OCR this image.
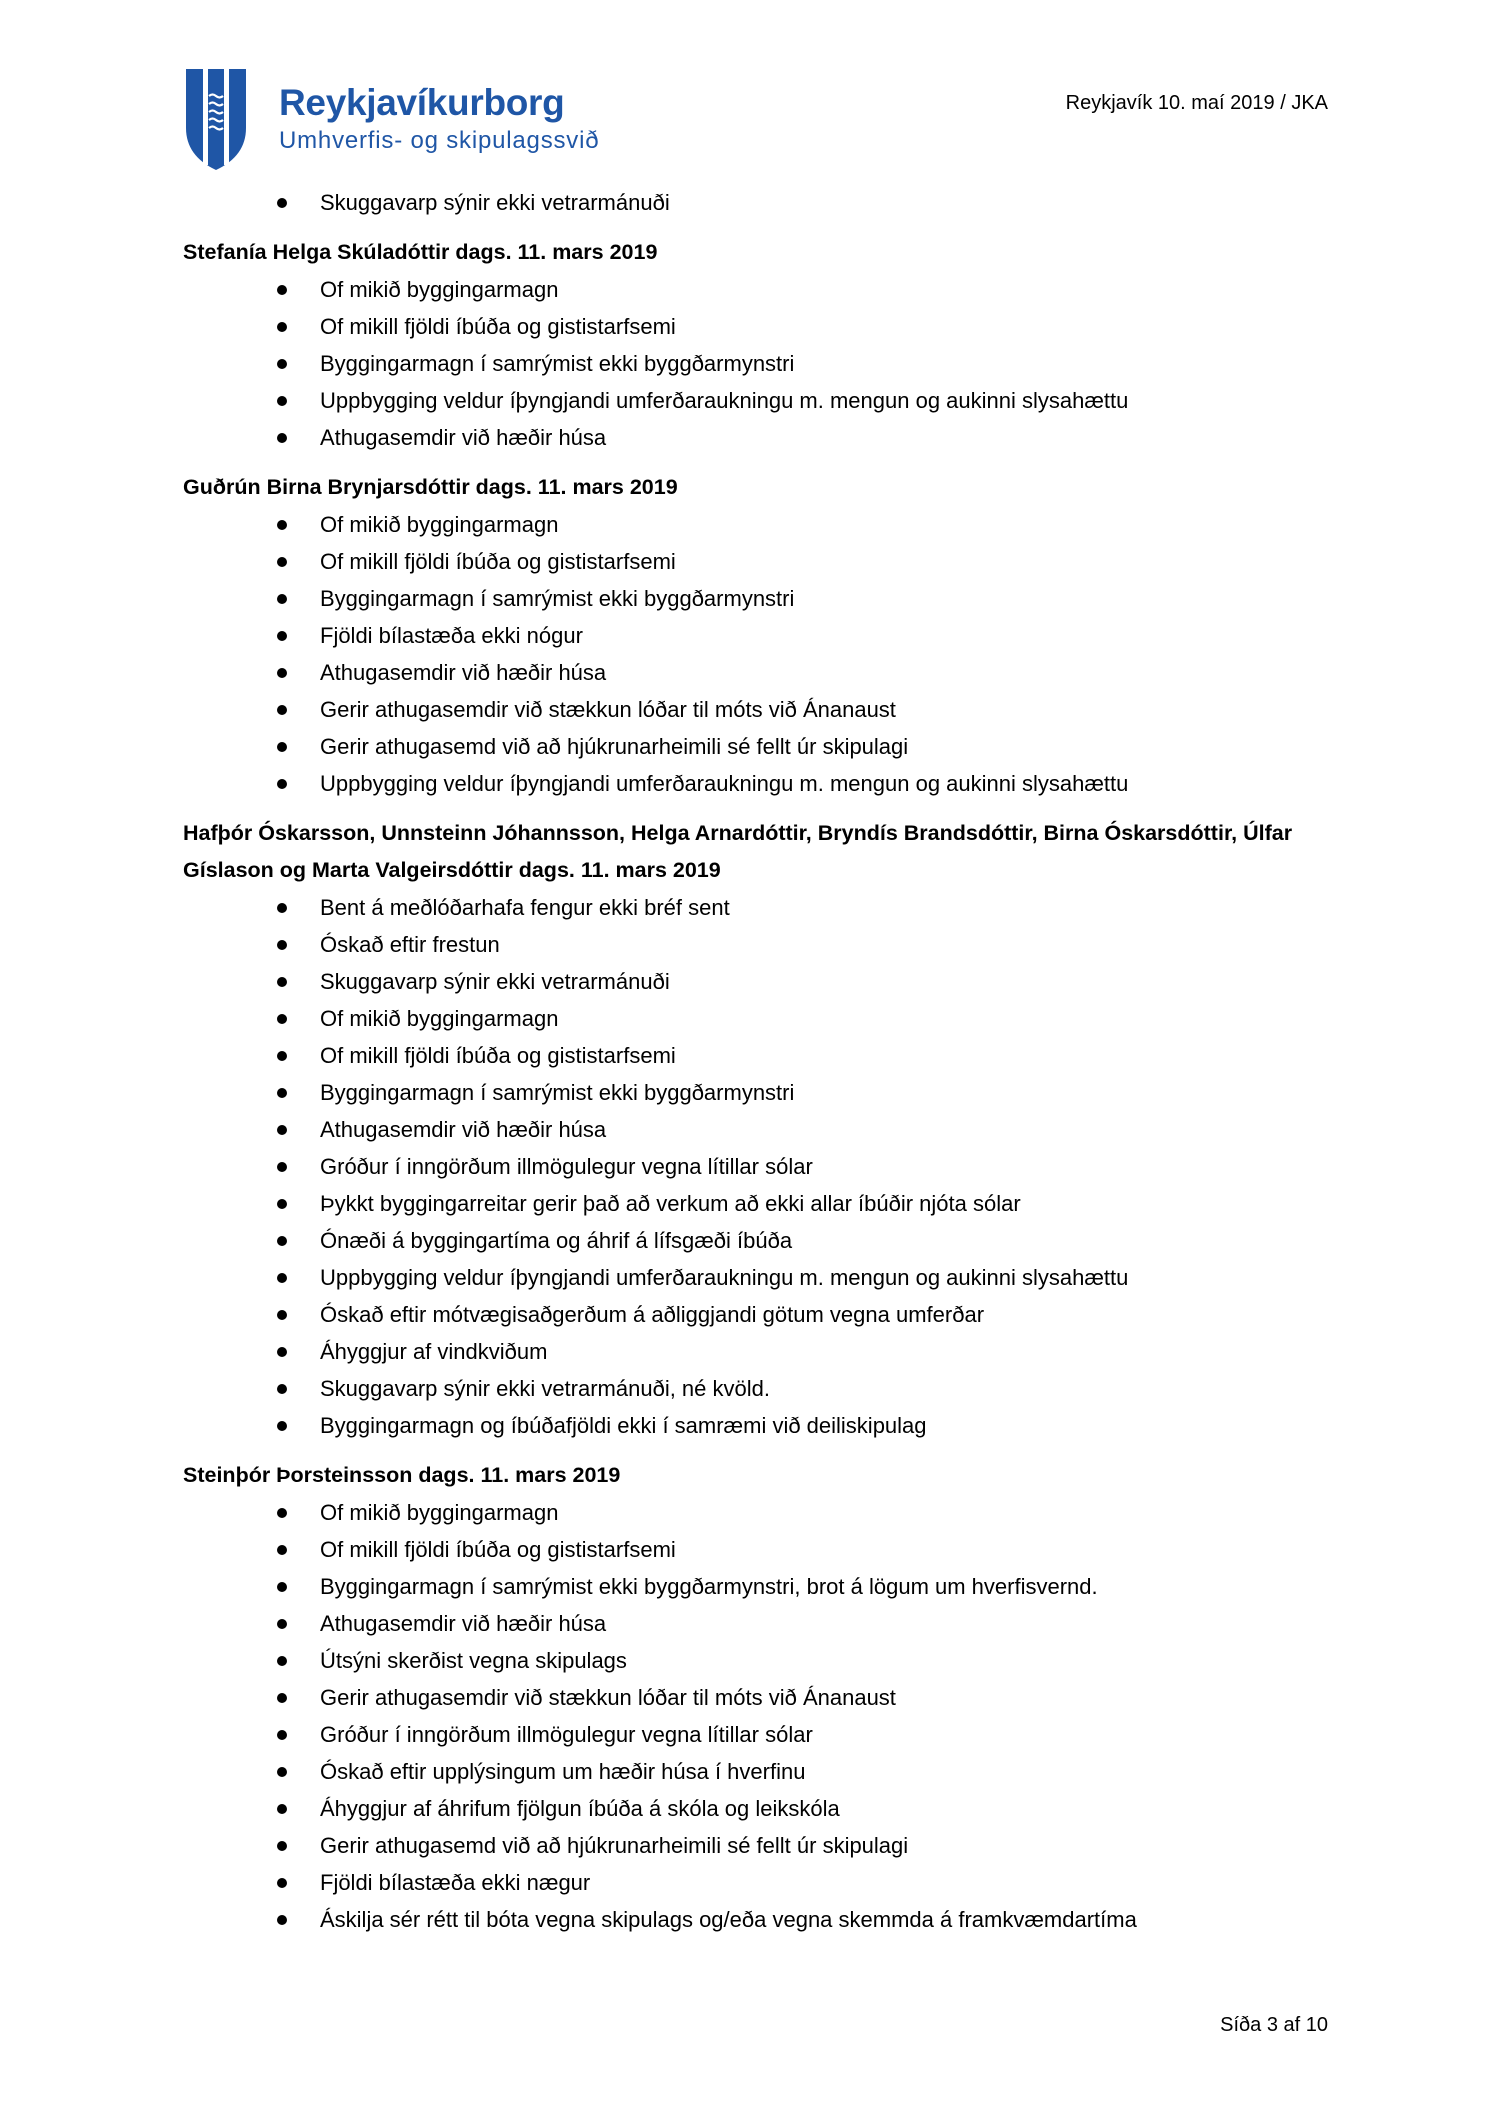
Reykjavíkurborg
Umhverfis- og skipulagssvið
Reykjavík 10. maí 2019 / JKA
Skuggavarp sýnir ekki vetrarmánuði

Stefanía Helga Skúladóttir dags. 11. mars 2019

Of mikið byggingarmagn
Of mikill fjöldi íbúða og gististarfsemi
Byggingarmagn í samrýmist ekki byggðarmynstri
Uppbygging veldur íþyngjandi umferðaraukningu m. mengun og aukinni slysahættu
Athugasemdir við hæðir húsa

Guðrún Birna Brynjarsdóttir dags. 11. mars 2019

Of mikið byggingarmagn
Of mikill fjöldi íbúða og gististarfsemi
Byggingarmagn í samrýmist ekki byggðarmynstri
Fjöldi bílastæða ekki nógur
Athugasemdir við hæðir húsa
Gerir athugasemdir við stækkun lóðar til móts við Ánanaust
Gerir athugasemd við að hjúkrunarheimili sé fellt úr skipulagi
Uppbygging veldur íþyngjandi umferðaraukningu m. mengun og aukinni slysahættu

Hafþór Óskarsson, Unnsteinn Jóhannsson, Helga Arnardóttir, Bryndís Brandsdóttir, Birna Óskarsdóttir, Úlfar Gíslason og Marta Valgeirsdóttir dags. 11. mars 2019

Bent á meðlóðarhafa fengur ekki bréf sent
Óskað eftir frestun
Skuggavarp sýnir ekki vetrarmánuði
Of mikið byggingarmagn
Of mikill fjöldi íbúða og gististarfsemi
Byggingarmagn í samrýmist ekki byggðarmynstri
Athugasemdir við hæðir húsa
Gróður í inngörðum illmögulegur vegna lítillar sólar
Þykkt byggingarreitar gerir það að verkum að ekki allar íbúðir njóta sólar
Ónæði á byggingartíma og áhrif á lífsgæði íbúða
Uppbygging veldur íþyngjandi umferðaraukningu m. mengun og aukinni slysahættu
Óskað eftir mótvægisaðgerðum á aðliggjandi götum vegna umferðar
Áhyggjur af vindkviðum
Skuggavarp sýnir ekki vetrarmánuði, né kvöld.
Byggingarmagn og íbúðafjöldi ekki í samræmi við deiliskipulag

Steinþór Þorsteinsson dags. 11. mars 2019

Of mikið byggingarmagn
Of mikill fjöldi íbúða og gististarfsemi
Byggingarmagn í samrýmist ekki byggðarmynstri, brot á lögum um hverfisvernd.
Athugasemdir við hæðir húsa
Útsýni skerðist vegna skipulags
Gerir athugasemdir við stækkun lóðar til móts við Ánanaust
Gróður í inngörðum illmögulegur vegna lítillar sólar
Óskað eftir upplýsingum um hæðir húsa í hverfinu
Áhyggjur af áhrifum fjölgun íbúða á skóla og leikskóla
Gerir athugasemd við að hjúkrunarheimili sé fellt úr skipulagi
Fjöldi bílastæða ekki nægur
Áskilja sér rétt til bóta vegna skipulags og/eða vegna skemmda á framkvæmdartíma
Síða 3 af 10
